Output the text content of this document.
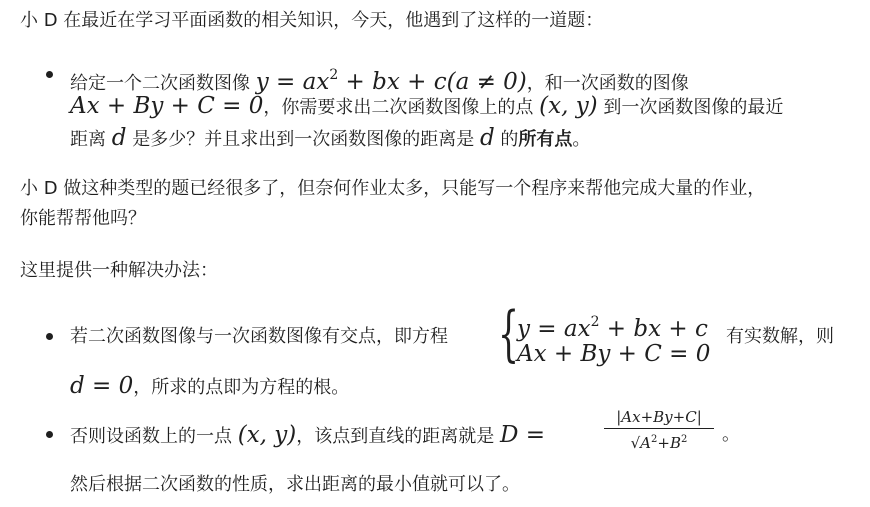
小 D 在最近在学习平面函数的相关知识，今天，他遇到了这样的一道题：
给定一个二次函数图像 $y = ax^2$ + bx + c(a ≠ 0)，和一次函数的图像
Ax + By + C = 0，你需要求出二次函数图像上的点 (x, y) 到一次函数图像的最近
距离 d 是多少？并且求出到一次函数图像的距离是 d 的所有点。
小 D 做这种类型的题已经很多了，但奈何作业太多，只能写一个程序来帮他完成大量的作业，
你能帮帮他吗？
这里提供一种解决办法：
若二次函数图像与一次函数图像有交点，即方程 {
$y = ax^2$ + bx + c
Ax + By + C = 0
有实数解，则
d = 0，所求的点即为方程的根。
否则设函数上的一点 (x, y)，该点到直线的距离就是 D =
|Ax+By+C|
$√A^2+B^2$	。
然后根据二次函数的性质，求出距离的最小值就可以了。
